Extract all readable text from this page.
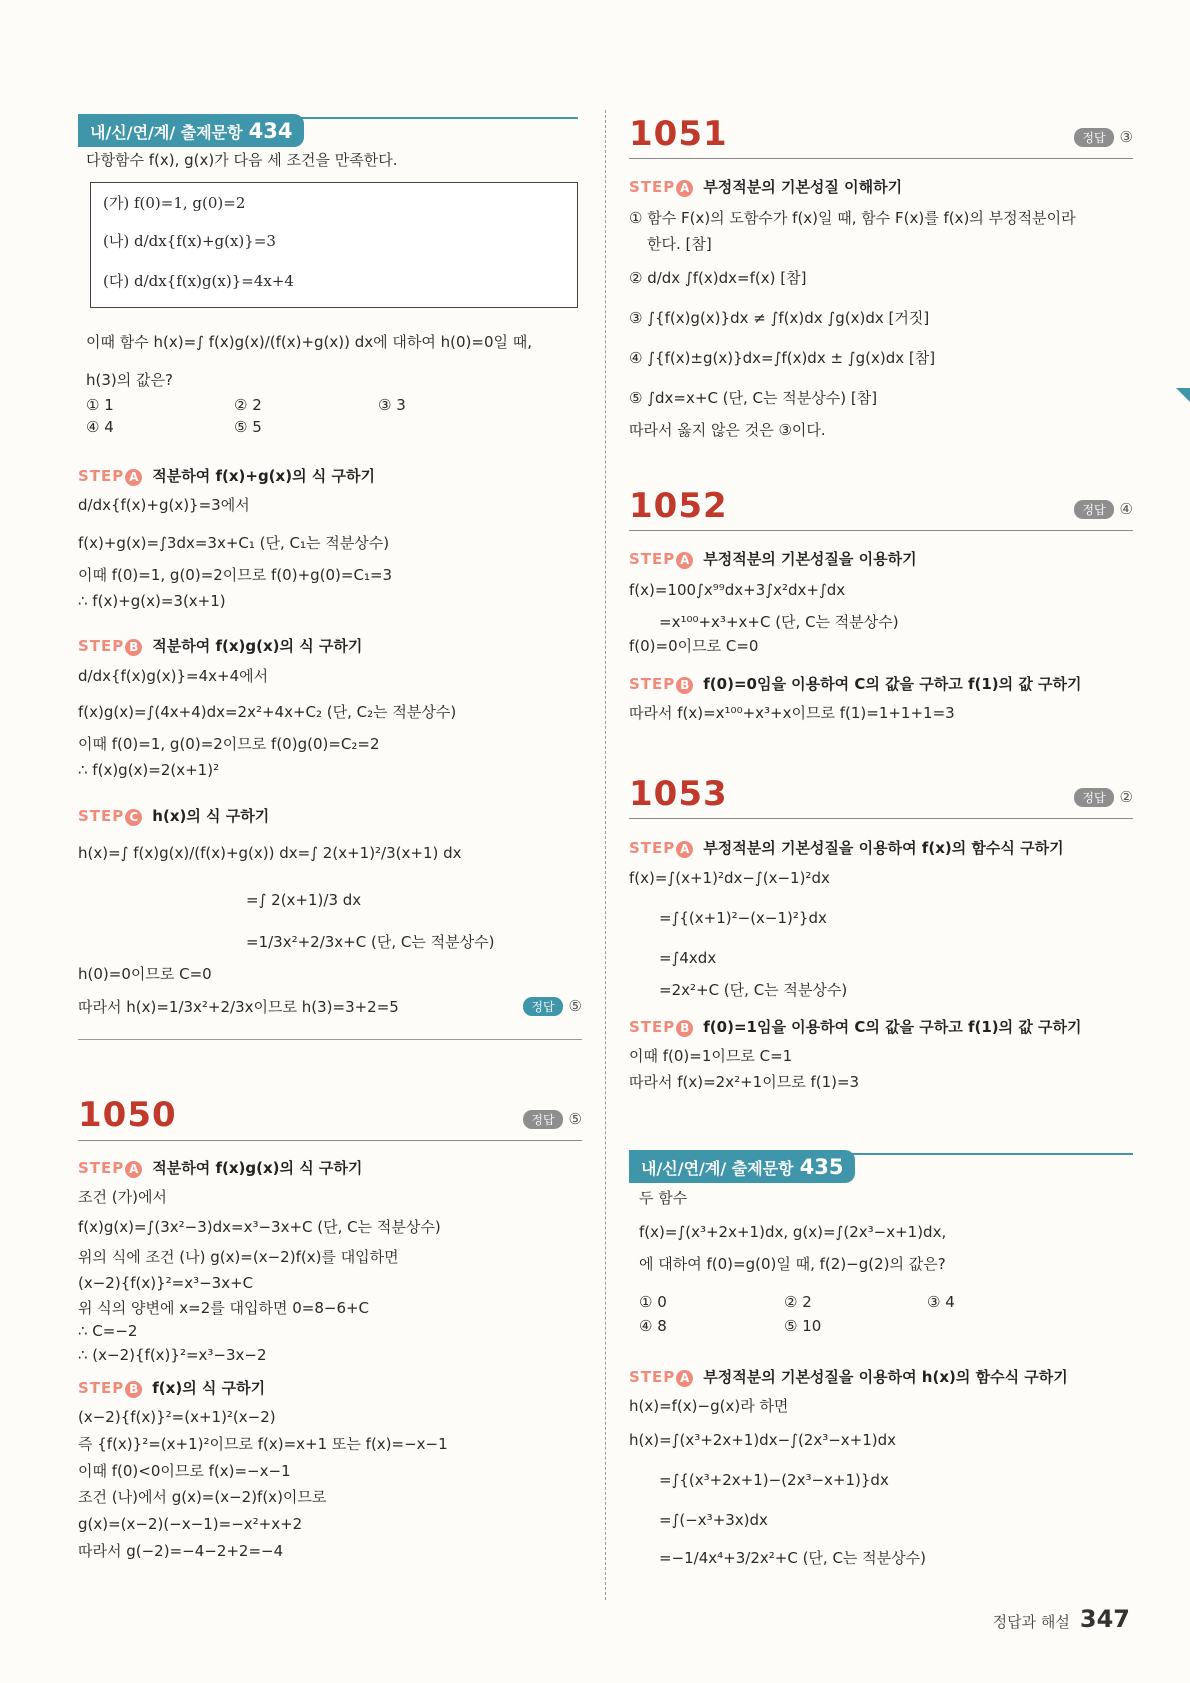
내/신/연/계/ 출제문항 434
다항함수 f(x), g(x)가 다음 세 조건을 만족한다.
(가) f(0)=1, g(0)=2
(나) d/dx{f(x)+g(x)}=3
(다) d/dx{f(x)g(x)}=4x+4
이때 함수 h(x)=∫ f(x)g(x)/(f(x)+g(x)) dx에 대하여 h(0)=0일 때,
h(3)의 값은?
① 1	② 2	③ 3
④ 4	⑤ 5
STEP A 적분하여 f(x)+g(x)의 식 구하기
d/dx{f(x)+g(x)}=3에서
f(x)+g(x)=∫3dx=3x+C₁ (단, C₁는 적분상수)
이때 f(0)=1, g(0)=2이므로 f(0)+g(0)=C₁=3
∴ f(x)+g(x)=3(x+1)
STEP B 적분하여 f(x)g(x)의 식 구하기
d/dx{f(x)g(x)}=4x+4에서
f(x)g(x)=∫(4x+4)dx=2x²+4x+C₂ (단, C₂는 적분상수)
이때 f(0)=1, g(0)=2이므로 f(0)g(0)=C₂=2
∴ f(x)g(x)=2(x+1)²
STEP C h(x)의 식 구하기
h(x)=∫ f(x)g(x)/(f(x)+g(x)) dx=∫ 2(x+1)²/3(x+1) dx
=∫ 2(x+1)/3 dx
=1/3x²+2/3x+C (단, C는 적분상수)
h(0)=0이므로 C=0
따라서 h(x)=1/3x²+2/3x이므로 h(3)=3+2=5	정답 ⑤
1050	정답 ⑤
STEP A 적분하여 f(x)g(x)의 식 구하기
조건 (가)에서
f(x)g(x)=∫(3x²−3)dx=x³−3x+C (단, C는 적분상수)
위의 식에 조건 (나) g(x)=(x−2)f(x)를 대입하면
(x−2){f(x)}²=x³−3x+C
위 식의 양변에 x=2를 대입하면 0=8−6+C
∴ C=−2
∴ (x−2){f(x)}²=x³−3x−2
STEP B f(x)의 식 구하기
(x−2){f(x)}²=(x+1)²(x−2)
즉 {f(x)}²=(x+1)²이므로 f(x)=x+1 또는 f(x)=−x−1
이때 f(0)<0이므로 f(x)=−x−1
조건 (나)에서 g(x)=(x−2)f(x)이므로
g(x)=(x−2)(−x−1)=−x²+x+2
따라서 g(−2)=−4−2+2=−4
1051	정답 ③
STEP A 부정적분의 기본성질 이해하기
① 함수 F(x)의 도함수가 f(x)일 때, 함수 F(x)를 f(x)의 부정적분이라
한다. [참]
② d/dx ∫f(x)dx=f(x) [참]
③ ∫{f(x)g(x)}dx ≠ ∫f(x)dx ∫g(x)dx [거짓]
④ ∫{f(x)±g(x)}dx=∫f(x)dx ± ∫g(x)dx [참]
⑤ ∫dx=x+C (단, C는 적분상수) [참]
따라서 옳지 않은 것은 ③이다.
1052	정답 ④
STEP A 부정적분의 기본성질을 이용하기
f(x)=100∫x⁹⁹dx+3∫x²dx+∫dx
=x¹⁰⁰+x³+x+C (단, C는 적분상수)
f(0)=0이므로 C=0
STEP B f(0)=0임을 이용하여 C의 값을 구하고 f(1)의 값 구하기
따라서 f(x)=x¹⁰⁰+x³+x이므로 f(1)=1+1+1=3
1053	정답 ②
STEP A 부정적분의 기본성질을 이용하여 f(x)의 함수식 구하기
f(x)=∫(x+1)²dx−∫(x−1)²dx
=∫{(x+1)²−(x−1)²}dx
=∫4xdx
=2x²+C (단, C는 적분상수)
STEP B f(0)=1임을 이용하여 C의 값을 구하고 f(1)의 값 구하기
이때 f(0)=1이므로 C=1
따라서 f(x)=2x²+1이므로 f(1)=3
내/신/연/계/ 출제문항 435
두 함수
f(x)=∫(x³+2x+1)dx, g(x)=∫(2x³−x+1)dx,
에 대하여 f(0)=g(0)일 때, f(2)−g(2)의 값은?
① 0	② 2	③ 4
④ 8	⑤ 10
STEP A 부정적분의 기본성질을 이용하여 h(x)의 함수식 구하기
h(x)=f(x)−g(x)라 하면
h(x)=∫(x³+2x+1)dx−∫(2x³−x+1)dx
=∫{(x³+2x+1)−(2x³−x+1)}dx
=∫(−x³+3x)dx
=−1/4x⁴+3/2x²+C (단, C는 적분상수)
정답과 해설 347
